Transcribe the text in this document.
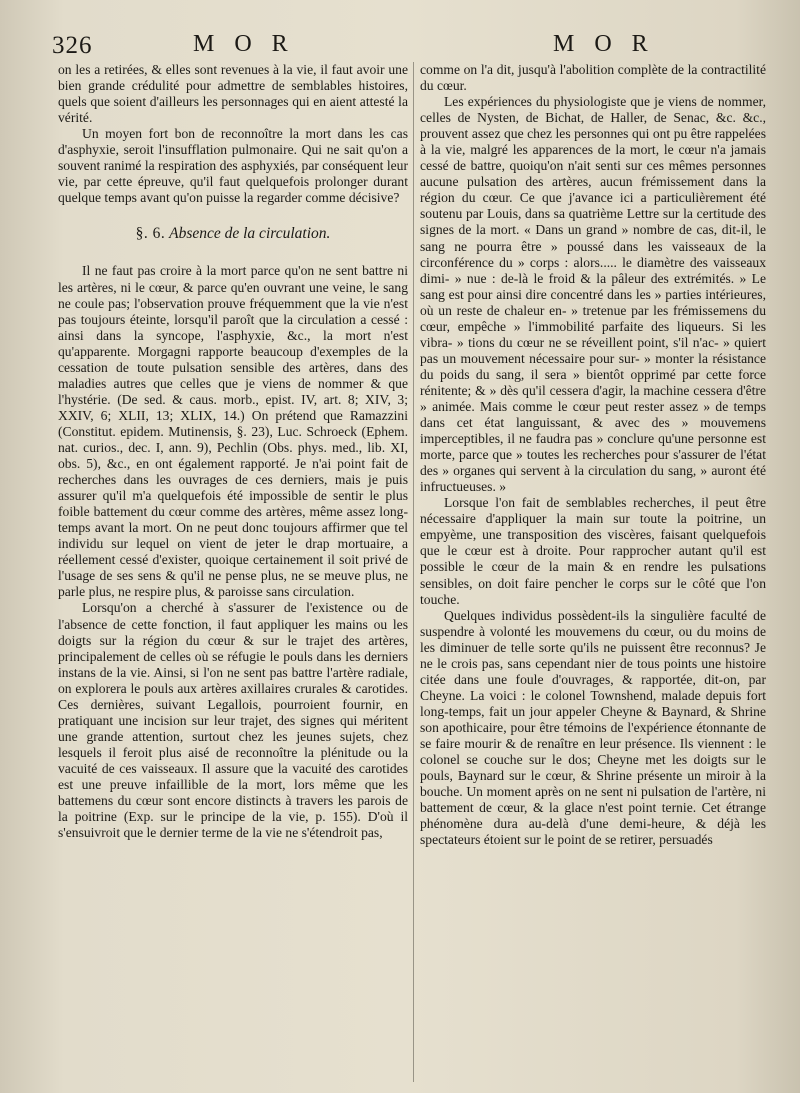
326	M O R	M O R

on les a retirées, & elles sont revenues à la vie, il faut avoir une bien grande crédulité pour admettre de semblables histoires, quels que soient d'ailleurs les personnages qui en aient attesté la vérité.

Un moyen fort bon de reconnoître la mort dans les cas d'asphyxie, seroit l'insufflation pulmonaire. Qui ne sait qu'on a souvent ranimé la respiration des asphyxiés, par conséquent leur vie, par cette épreuve, qu'il faut quelquefois prolonger durant quelque temps avant qu'on puisse la regarder comme décisive?

§. 6. Absence de la circulation.

Il ne faut pas croire à la mort parce qu'on ne sent battre ni les artères, ni le cœur, & parce qu'en ouvrant une veine, le sang ne coule pas; l'observation prouve fréquemment que la vie n'est pas toujours éteinte, lorsqu'il paroît que la circulation a cessé : ainsi dans la syncope, l'asphyxie, &c., la mort n'est qu'apparente. Morgagni rapporte beaucoup d'exemples de la cessation de toute pulsation sensible des artères, dans des maladies autres que celles que je viens de nommer & que l'hystérie. (De sed. & caus. morb., epist. IV, art. 8; XIV, 3; XXIV, 6; XLII, 13; XLIX, 14.) On prétend que Ramazzini (Constitut. epidem. Mutinensis, §. 23), Luc. Schroeck (Ephem. nat. curios., dec. I, ann. 9), Pechlin (Obs. phys. med., lib. XI, obs. 5), &c., en ont également rapporté. Je n'ai point fait de recherches dans les ouvrages de ces derniers, mais je puis assurer qu'il m'a quelquefois été impossible de sentir le plus foible battement du cœur comme des artères, même assez long-temps avant la mort. On ne peut donc toujours affirmer que tel individu sur lequel on vient de jeter le drap mortuaire, a réellement cessé d'exister, quoique certainement il soit privé de l'usage de ses sens & qu'il ne pense plus, ne se meuve plus, ne parle plus, ne respire plus, & paroisse sans circulation.

Lorsqu'on a cherché à s'assurer de l'existence ou de l'absence de cette fonction, il faut appliquer les mains ou les doigts sur la région du cœur & sur le trajet des artères, principalement de celles où se réfugie le pouls dans les derniers instans de la vie. Ainsi, si l'on ne sent pas battre l'artère radiale, on explorera le pouls aux artères axillaires crurales & carotides. Ces dernières, suivant Legallois, pourroient fournir, en pratiquant une incision sur leur trajet, des signes qui méritent une grande attention, surtout chez les jeunes sujets, chez lesquels il feroit plus aisé de reconnoître la plénitude ou la vacuité de ces vaisseaux. Il assure que la vacuité des carotides est une preuve infaillible de la mort, lors même que les battemens du cœur sont encore distincts à travers les parois de la poitrine (Exp. sur le principe de la vie, p. 155). D'où il s'ensuivroit que le dernier terme de la vie ne s'étendroit pas,

comme on l'a dit, jusqu'à l'abolition complète de la contractilité du cœur.

Les expériences du physiologiste que je viens de nommer, celles de Nysten, de Bichat, de Haller, de Senac, &c. &c., prouvent assez que chez les personnes qui ont pu être rappelées à la vie, malgré les apparences de la mort, le cœur n'a jamais cessé de battre, quoiqu'on n'ait senti sur ces mêmes personnes aucune pulsation des artères, aucun frémissement dans la région du cœur. Ce que j'avance ici a particulièrement été soutenu par Louis, dans sa quatrième Lettre sur la certitude des signes de la mort. « Dans un grand » nombre de cas, dit-il, le sang ne pourra être » poussé dans les vaisseaux de la circonférence du » corps : alors..... le diamètre des vaisseaux dimi- » nue : de-là le froid & la pâleur des extrémités. » Le sang est pour ainsi dire concentré dans les » parties intérieures, où un reste de chaleur en- » tretenue par les frémissemens du cœur, empêche » l'immobilité parfaite des liqueurs. Si les vibra- » tions du cœur ne se réveillent point, s'il n'ac- » quiert pas un mouvement nécessaire pour sur- » monter la résistance du poids du sang, il sera » bientôt opprimé par cette force rénitente; & » dès qu'il cessera d'agir, la machine cessera d'être » animée. Mais comme le cœur peut rester assez » de temps dans cet état languissant, & avec des » mouvemens imperceptibles, il ne faudra pas » conclure qu'une personne est morte, parce que » toutes les recherches pour s'assurer de l'état des » organes qui servent à la circulation du sang, » auront été infructueuses. »

Lorsque l'on fait de semblables recherches, il peut être nécessaire d'appliquer la main sur toute la poitrine, un empyème, une transposition des viscères, faisant quelquefois que le cœur est à droite. Pour rapprocher autant qu'il est possible le cœur de la main & en rendre les pulsations sensibles, on doit faire pencher le corps sur le côté que l'on touche.

Quelques individus possèdent-ils la singulière faculté de suspendre à volonté les mouvemens du cœur, ou du moins de les diminuer de telle sorte qu'ils ne puissent être reconnus? Je ne le crois pas, sans cependant nier de tous points une histoire citée dans une foule d'ouvrages, & rapportée, dit-on, par Cheyne. La voici : le colonel Townshend, malade depuis fort long-temps, fait un jour appeler Cheyne & Baynard, & Shrine son apothicaire, pour être témoins de l'expérience étonnante de se faire mourir & de renaître en leur présence. Ils viennent : le colonel se couche sur le dos; Cheyne met les doigts sur le pouls, Baynard sur le cœur, & Shrine présente un miroir à la bouche. Un moment après on ne sent ni pulsation de l'artère, ni battement de cœur, & la glace n'est point ternie. Cet étrange phénomène dura au-delà d'une demi-heure, & déjà les spectateurs étoient sur le point de se retirer, persuadés
